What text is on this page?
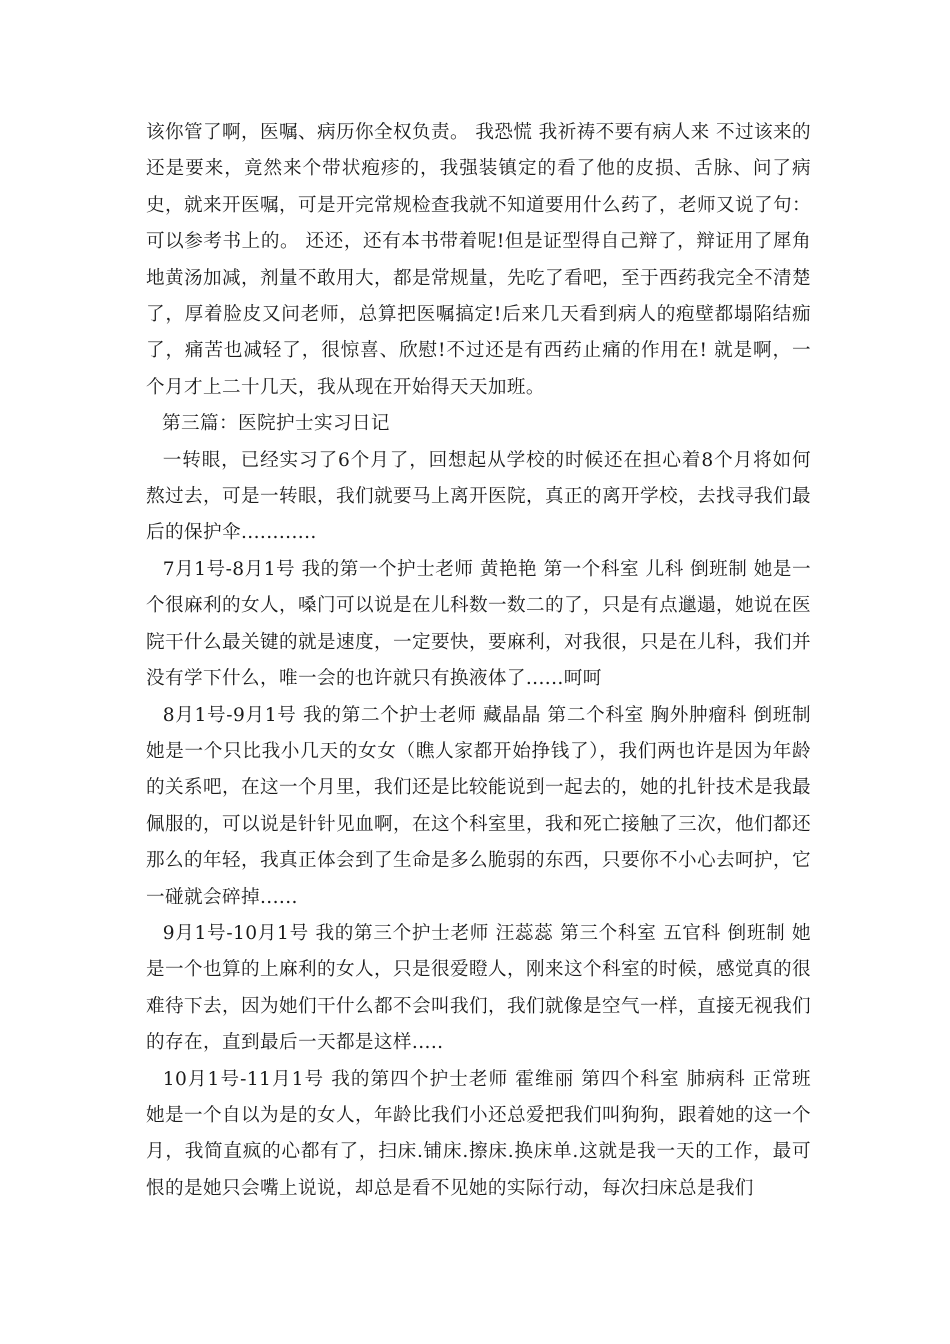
该你管了啊，医嘱、病历你全权负责。 我恐慌 我祈祷不要有病人来 不过该来的还是要来，竟然来个带状疱疹的，我强装镇定的看了他的皮损、舌脉、问了病史，就来开医嘱，可是开完常规检查我就不知道要用什么药了，老师又说了句： 可以参考书上的。 还还，还有本书带着呢!但是证型得自己辩了，辩证用了犀角地黄汤加减，剂量不敢用大，都是常规量，先吃了看吧，至于西药我完全不清楚了，厚着脸皮又问老师，总算把医嘱搞定!后来几天看到病人的疱壁都塌陷结痂了，痛苦也减轻了，很惊喜、欣慰!不过还是有西药止痛的作用在! 就是啊，一个月才上二十几天，我从现在开始得天天加班。

第三篇：医院护士实习日记

一转眼，已经实习了6个月了，回想起从学校的时候还在担心着8个月将如何熬过去，可是一转眼，我们就要马上离开医院，真正的离开学校，去找寻我们最后的保护伞............

7月1号-8月1号 我的第一个护士老师 黄艳艳 第一个科室 儿科 倒班制 她是一个很麻利的女人，嗓门可以说是在儿科数一数二的了，只是有点邋遢，她说在医院干什么最关键的就是速度，一定要快，要麻利，对我很，只是在儿科，我们并没有学下什么，唯一会的也许就只有换液体了......呵呵

8月1号-9月1号 我的第二个护士老师 藏晶晶 第二个科室 胸外肿瘤科 倒班制 她是一个只比我小几天的女女（瞧人家都开始挣钱了），我们两也许是因为年龄的关系吧，在这一个月里，我们还是比较能说到一起去的，她的扎针技术是我最佩服的，可以说是针针见血啊，在这个科室里，我和死亡接触了三次，他们都还那么的年轻，我真正体会到了生命是多么脆弱的东西，只要你不小心去呵护，它一碰就会碎掉......

9月1号-10月1号 我的第三个护士老师 汪蕊蕊 第三个科室 五官科 倒班制 她是一个也算的上麻利的女人，只是很爱瞪人，刚来这个科室的时候，感觉真的很难待下去，因为她们干什么都不会叫我们，我们就像是空气一样，直接无视我们的存在，直到最后一天都是这样.....

10月1号-11月1号 我的第四个护士老师 霍维丽 第四个科室 肺病科 正常班 她是一个自以为是的女人，年龄比我们小还总爱把我们叫狗狗，跟着她的这一个月，我简直疯的心都有了，扫床.铺床.擦床.换床单.这就是我一天的工作，最可恨的是她只会嘴上说说，却总是看不见她的实际行动，每次扫床总是我们
